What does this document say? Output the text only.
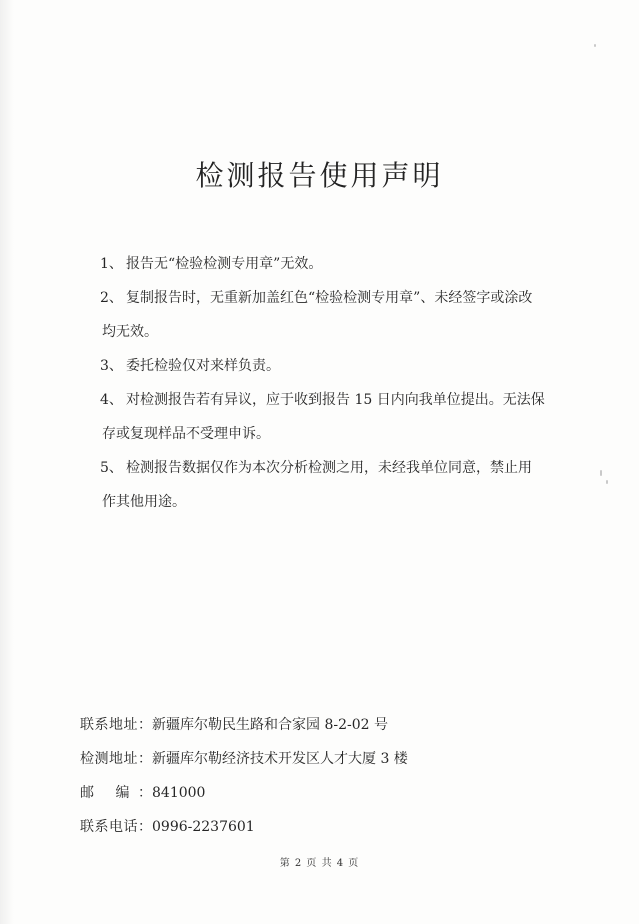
检测报告使用声明
1、 报告无“检验检测专用章”无效。
2、 复制报告时，无重新加盖红色“检验检测专用章”、未经签字或涂改
均无效。
3、 委托检验仅对来样负责。
4、 对检测报告若有异议，应于收到报告 15 日内向我单位提出。无法保
存或复现样品不受理申诉。
5、 检测报告数据仅作为本次分析检测之用，未经我单位同意，禁止用
作其他用途。
联系地址：新疆库尔勒民生路和合家园 8-2-02 号
检测地址：新疆库尔勒经济技术开发区人才大厦 3 楼
邮 编：841000
联系电话：0996-2237601
第 2 页 共 4 页
